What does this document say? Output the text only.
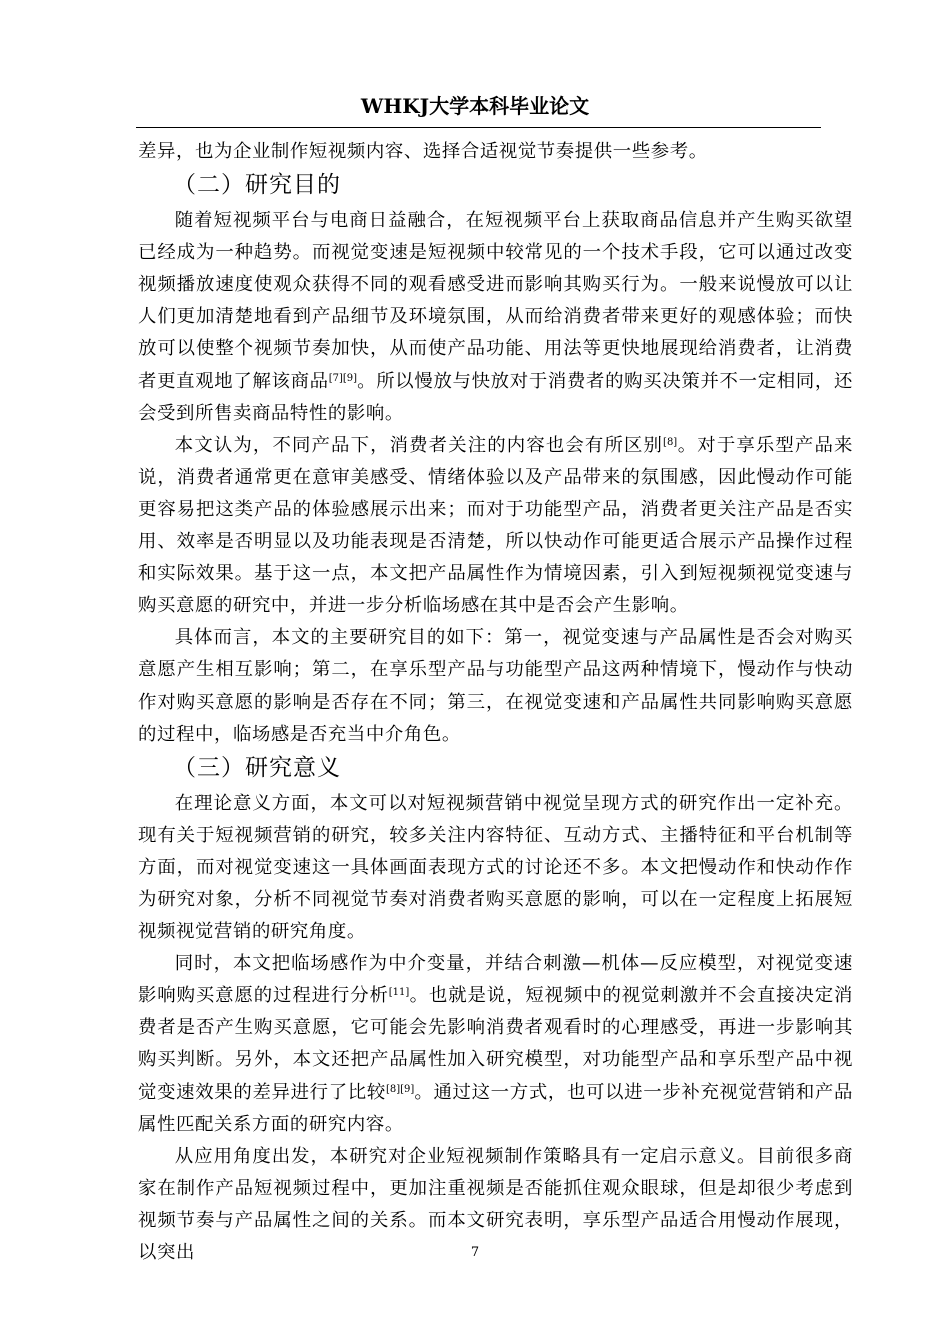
WHKJ大学本科毕业论文

差异，也为企业制作短视频内容、选择合适视觉节奏提供一些参考。

（二）研究目的

随着短视频平台与电商日益融合，在短视频平台上获取商品信息并产生购买欲望已经成为一种趋势。而视觉变速是短视频中较常见的一个技术手段，它可以通过改变视频播放速度使观众获得不同的观看感受进而影响其购买行为。一般来说慢放可以让人们更加清楚地看到产品细节及环境氛围，从而给消费者带来更好的观感体验；而快放可以使整个视频节奏加快，从而使产品功能、用法等更快地展现给消费者，让消费者更直观地了解该商品[7][9]。所以慢放与快放对于消费者的购买决策并不一定相同，还会受到所售卖商品特性的影响。

本文认为，不同产品下，消费者关注的内容也会有所区别[8]。对于享乐型产品来说，消费者通常更在意审美感受、情绪体验以及产品带来的氛围感，因此慢动作可能更容易把这类产品的体验感展示出来；而对于功能型产品，消费者更关注产品是否实用、效率是否明显以及功能表现是否清楚，所以快动作可能更适合展示产品操作过程和实际效果。基于这一点，本文把产品属性作为情境因素，引入到短视频视觉变速与购买意愿的研究中，并进一步分析临场感在其中是否会产生影响。

具体而言，本文的主要研究目的如下：第一，视觉变速与产品属性是否会对购买意愿产生相互影响；第二，在享乐型产品与功能型产品这两种情境下，慢动作与快动作对购买意愿的影响是否存在不同；第三，在视觉变速和产品属性共同影响购买意愿的过程中，临场感是否充当中介角色。

（三）研究意义

在理论意义方面，本文可以对短视频营销中视觉呈现方式的研究作出一定补充。现有关于短视频营销的研究，较多关注内容特征、互动方式、主播特征和平台机制等方面，而对视觉变速这一具体画面表现方式的讨论还不多。本文把慢动作和快动作作为研究对象，分析不同视觉节奏对消费者购买意愿的影响，可以在一定程度上拓展短视频视觉营销的研究角度。

同时，本文把临场感作为中介变量，并结合刺激—机体—反应模型，对视觉变速影响购买意愿的过程进行分析[11]。也就是说，短视频中的视觉刺激并不会直接决定消费者是否产生购买意愿，它可能会先影响消费者观看时的心理感受，再进一步影响其购买判断。另外，本文还把产品属性加入研究模型，对功能型产品和享乐型产品中视觉变速效果的差异进行了比较[8][9]。通过这一方式，也可以进一步补充视觉营销和产品属性匹配关系方面的研究内容。

从应用角度出发，本研究对企业短视频制作策略具有一定启示意义。目前很多商家在制作产品短视频过程中，更加注重视频是否能抓住观众眼球，但是却很少考虑到视频节奏与产品属性之间的关系。而本文研究表明，享乐型产品适合用慢动作展现，以突出	7
